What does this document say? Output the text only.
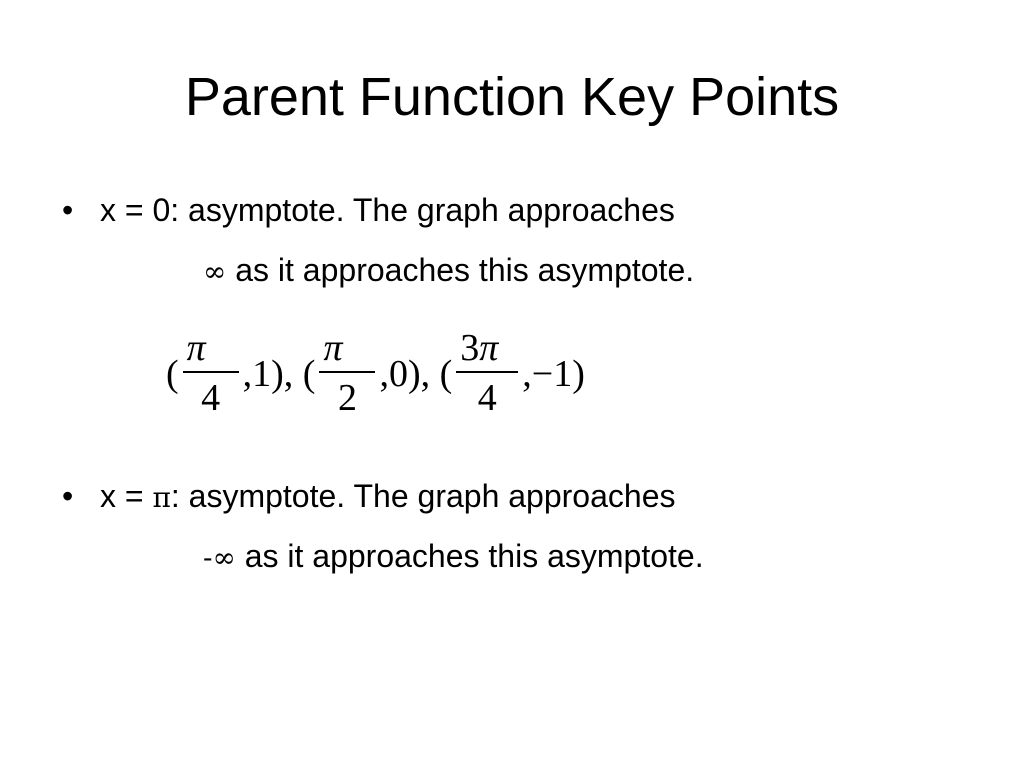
Parent Function Key Points
• x = 0: asymptote. The graph approaches
∞ as it approaches this asymptote.
( $\frac{\pi}{4} ,1$), ( $\frac{\pi}{2} ,0$), ( $\frac{3\pi}{4} ,-1$)
• x = π: asymptote. The graph approaches
-∞ as it approaches this asymptote.
